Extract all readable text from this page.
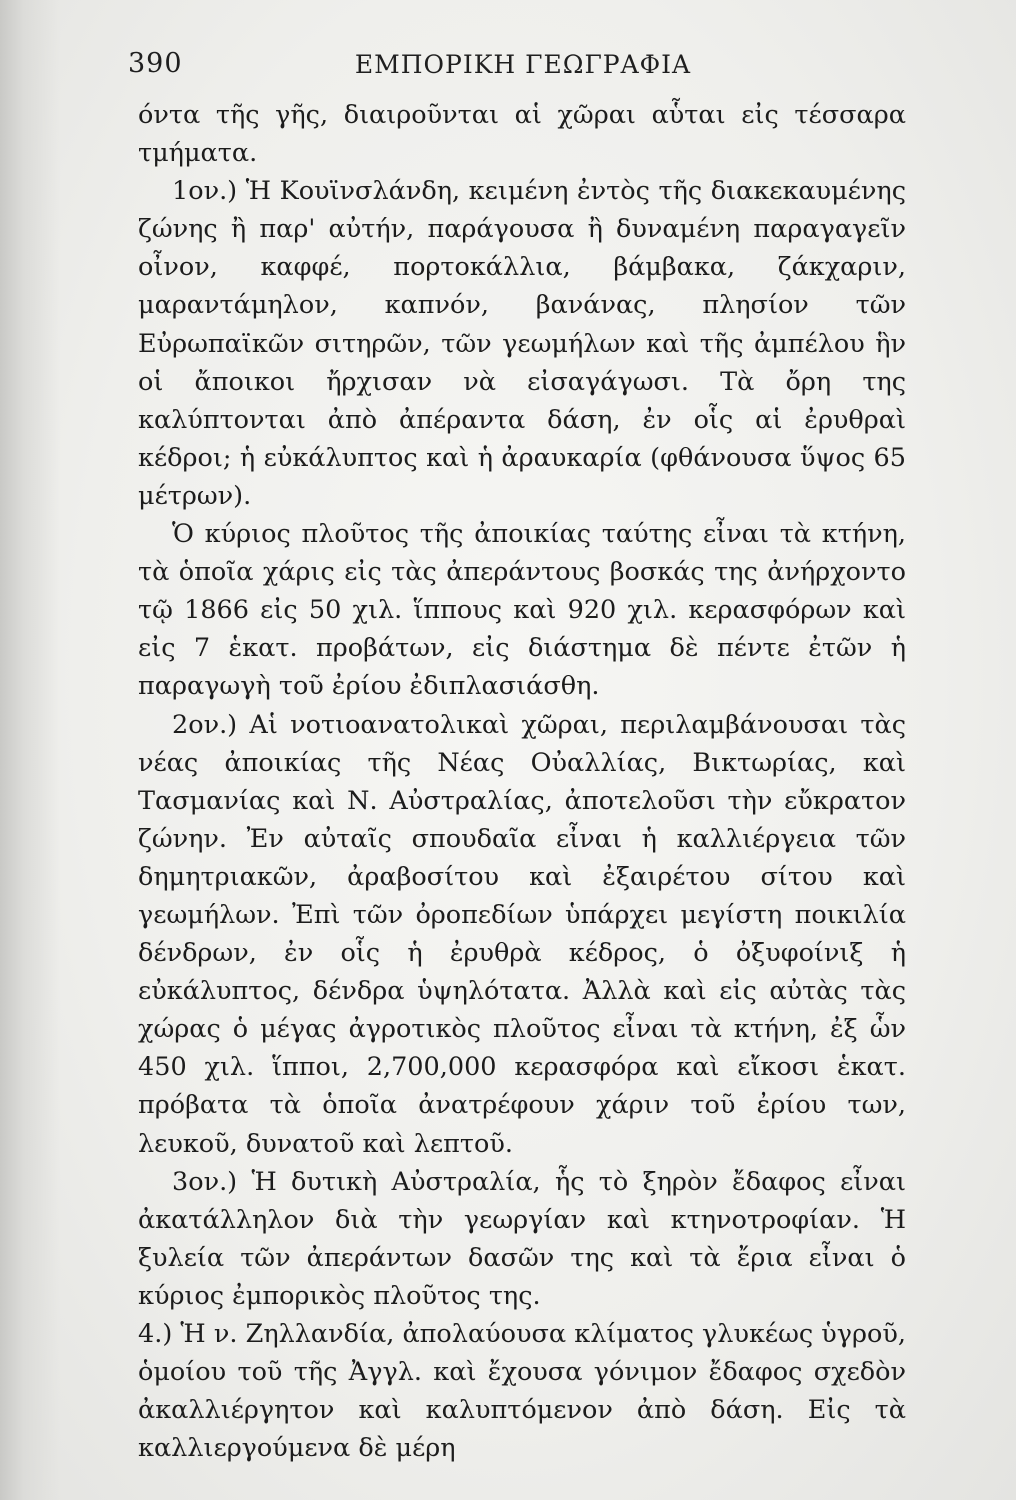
390	ΕΜΠΟΡΙΚΗ ΓΕΩΓΡΑΦΙΑ

όντα τῆς γῆς, διαιροῦνται αἱ χῶραι αὗται εἰς τέσσαρα τμήματα.

1ον.) Ἡ Κουϊνσλάνδη, κειμένη ἐντὸς τῆς διακεκαυμένης ζώνης ἢ παρ' αὐτήν, παράγουσα ἢ δυναμένη παραγαγεῖν οἶνον, καφφέ, πορτοκάλλια, βάμβακα, ζάκχαριν, μαραντάμηλον, καπνόν, βανάνας, πλησίον τῶν Εὐρωπαϊκῶν σιτηρῶν, τῶν γεωμήλων καὶ τῆς ἀμπέλου ἣν οἱ ἄποικοι ἤρχισαν νὰ εἰσαγάγωσι. Τὰ ὄρη της καλύπτονται ἀπὸ ἀπέραντα δάση, ἐν οἷς αἱ ἐρυθραὶ κέδροι; ἡ εὐκάλυπτος καὶ ἡ ἀραυκαρία (φθάνουσα ὕψος 65 μέτρων).

Ὁ κύριος πλοῦτος τῆς ἀποικίας ταύτης εἶναι τὰ κτήνη, τὰ ὁποῖα χάρις εἰς τὰς ἀπεράντους βοσκάς της ἀνήρχοντο τῷ 1866 εἰς 50 χιλ. ἵππους καὶ 920 χιλ. κερασφόρων καὶ εἰς 7 ἑκατ. προβάτων, εἰς διάστημα δὲ πέντε ἐτῶν ἡ παραγωγὴ τοῦ ἐρίου ἐδιπλασιάσθη.

2ον.) Αἱ νοτιοανατολικαὶ χῶραι, περιλαμβάνουσαι τὰς νέας ἀποικίας τῆς Νέας Οὐαλλίας, Βικτωρίας, καὶ Τασμανίας καὶ Ν. Αὐστραλίας, ἀποτελοῦσι τὴν εὔκρατον ζώνην. Ἐν αὐταῖς σπουδαῖα εἶναι ἡ καλλιέργεια τῶν δημητριακῶν, ἀραβοσίτου καὶ ἐξαιρέτου σίτου καὶ γεωμήλων. Ἐπὶ τῶν ὀροπεδίων ὑπάρχει μεγίστη ποικιλία δένδρων, ἐν οἷς ἡ ἐρυθρὰ κέδρος, ὁ ὀξυφοίνιξ ἡ εὐκάλυπτος, δένδρα ὑψηλότατα. Ἀλλὰ καὶ εἰς αὐτὰς τὰς χώρας ὁ μέγας ἀγροτικὸς πλοῦτος εἶναι τὰ κτήνη, ἐξ ὧν 450 χιλ. ἵπποι, 2,700,000 κερασφόρα καὶ εἴκοσι ἑκατ. πρόβατα τὰ ὁποῖα ἀνατρέφουν χάριν τοῦ ἐρίου των, λευκοῦ, δυνατοῦ καὶ λεπτοῦ.

3ον.) Ἡ δυτικὴ Αὐστραλία, ἧς τὸ ξηρὸν ἔδαφος εἶναι ἀκατάλληλον διὰ τὴν γεωργίαν καὶ κτηνοτροφίαν. Ἡ ξυλεία τῶν ἀπεράντων δασῶν της καὶ τὰ ἔρια εἶναι ὁ κύριος ἐμπορικὸς πλοῦτος της.

4.) Ἡ ν. Ζηλλανδία, ἀπολαύουσα κλίματος γλυκέως ὑγροῦ, ὁμοίου τοῦ τῆς Ἀγγλ. καὶ ἔχουσα γόνιμον ἔδαφος σχεδὸν ἀκαλλιέργητον καὶ καλυπτόμενον ἀπὸ δάση. Εἰς τὰ καλλιεργούμενα δὲ μέρη
